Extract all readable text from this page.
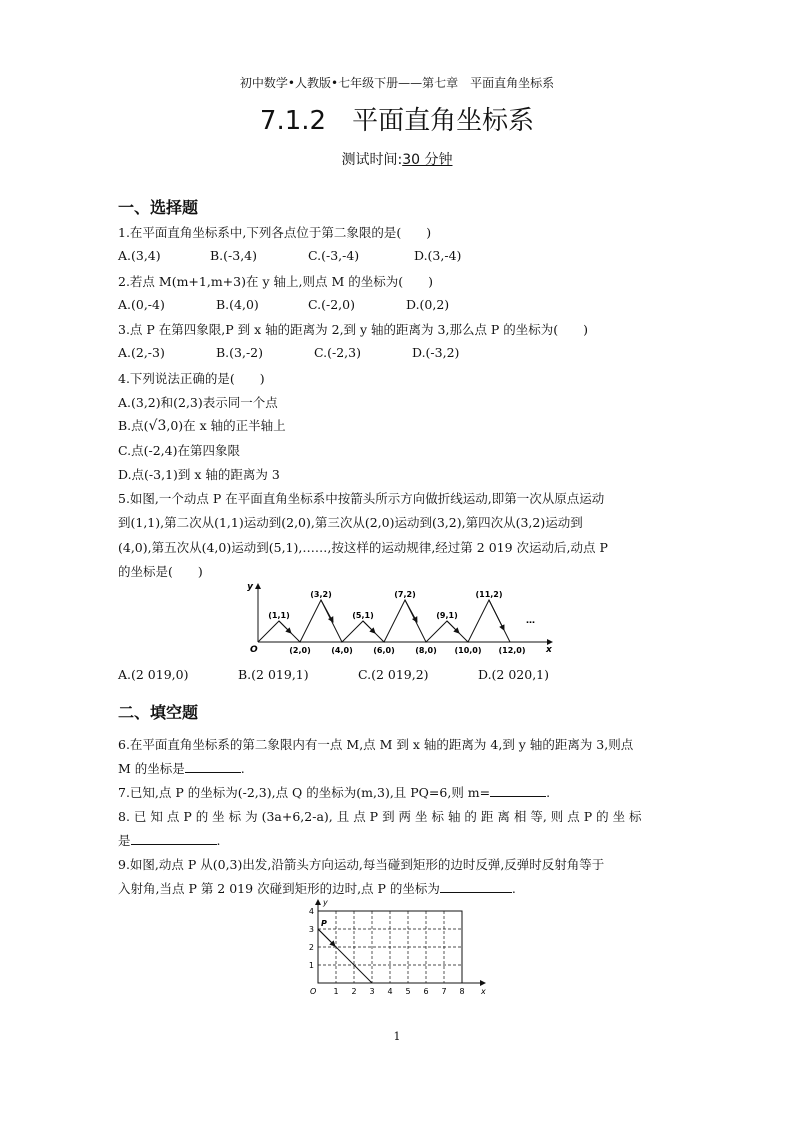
初中数学•人教版•七年级下册——第七章　平面直角坐标系
7.1.2　平面直角坐标系
测试时间:30 分钟
一、选择题
1.在平面直角坐标系中,下列各点位于第二象限的是(　　)
A.(3,4)	B.(-3,4)	C.(-3,-4)	D.(3,-4)
2.若点 M(m+1,m+3)在 y 轴上,则点 M 的坐标为(　　)
A.(0,-4)	B.(4,0)	C.(-2,0)	D.(0,2)
3.点 P 在第四象限,P 到 x 轴的距离为 2,到 y 轴的距离为 3,那么点 P 的坐标为(　　)
A.(2,-3)	B.(3,-2)	C.(-2,3)	D.(-3,2)
4.下列说法正确的是(　　)
A.(3,2)和(2,3)表示同一个点
B.点(√3,0)在 x 轴的正半轴上
C.点(-2,4)在第四象限
D.点(-3,1)到 x 轴的距离为 3
5.如图,一个动点 P 在平面直角坐标系中按箭头所示方向做折线运动,即第一次从原点运动
到(1,1),第二次从(1,1)运动到(2,0),第三次从(2,0)运动到(3,2),第四次从(3,2)运动到
(4,0),第五次从(4,0)运动到(5,1),……,按这样的运动规律,经过第 2 019 次运动后,动点 P
的坐标是(　　)
y
x
O
(1,1)
(3,2)
(5,1)
(7,2)
(9,1)
(11,2)
(2,0)	(4,0)	(6,0)	(8,0) (10,0) (12,0)
…
A.(2 019,0)	B.(2 019,1)	C.(2 019,2)	D.(2 020,1)
二、填空题
6.在平面直角坐标系的第二象限内有一点 M,点 M 到 x 轴的距离为 4,到 y 轴的距离为 3,则点
M 的坐标是	.
7.已知,点 P 的坐标为(-2,3),点 Q 的坐标为(m,3),且 PQ=6,则 m=	.
8. 已 知 点 P 的 坐 标 为 (3a+6,2-a), 且 点 P 到 两 坐 标 轴 的 距 离 相 等, 则 点 P 的 坐 标
是	.
9.如图,动点 P 从(0,3)出发,沿箭头方向运动,每当碰到矩形的边时反弹,反弹时反射角等于
入射角,当点 P 第 2 019 次碰到矩形的边时,点 P 的坐标为	.
y
x
O
P
1 2 3 4 5 6 7 8
1
2
3
4
1
